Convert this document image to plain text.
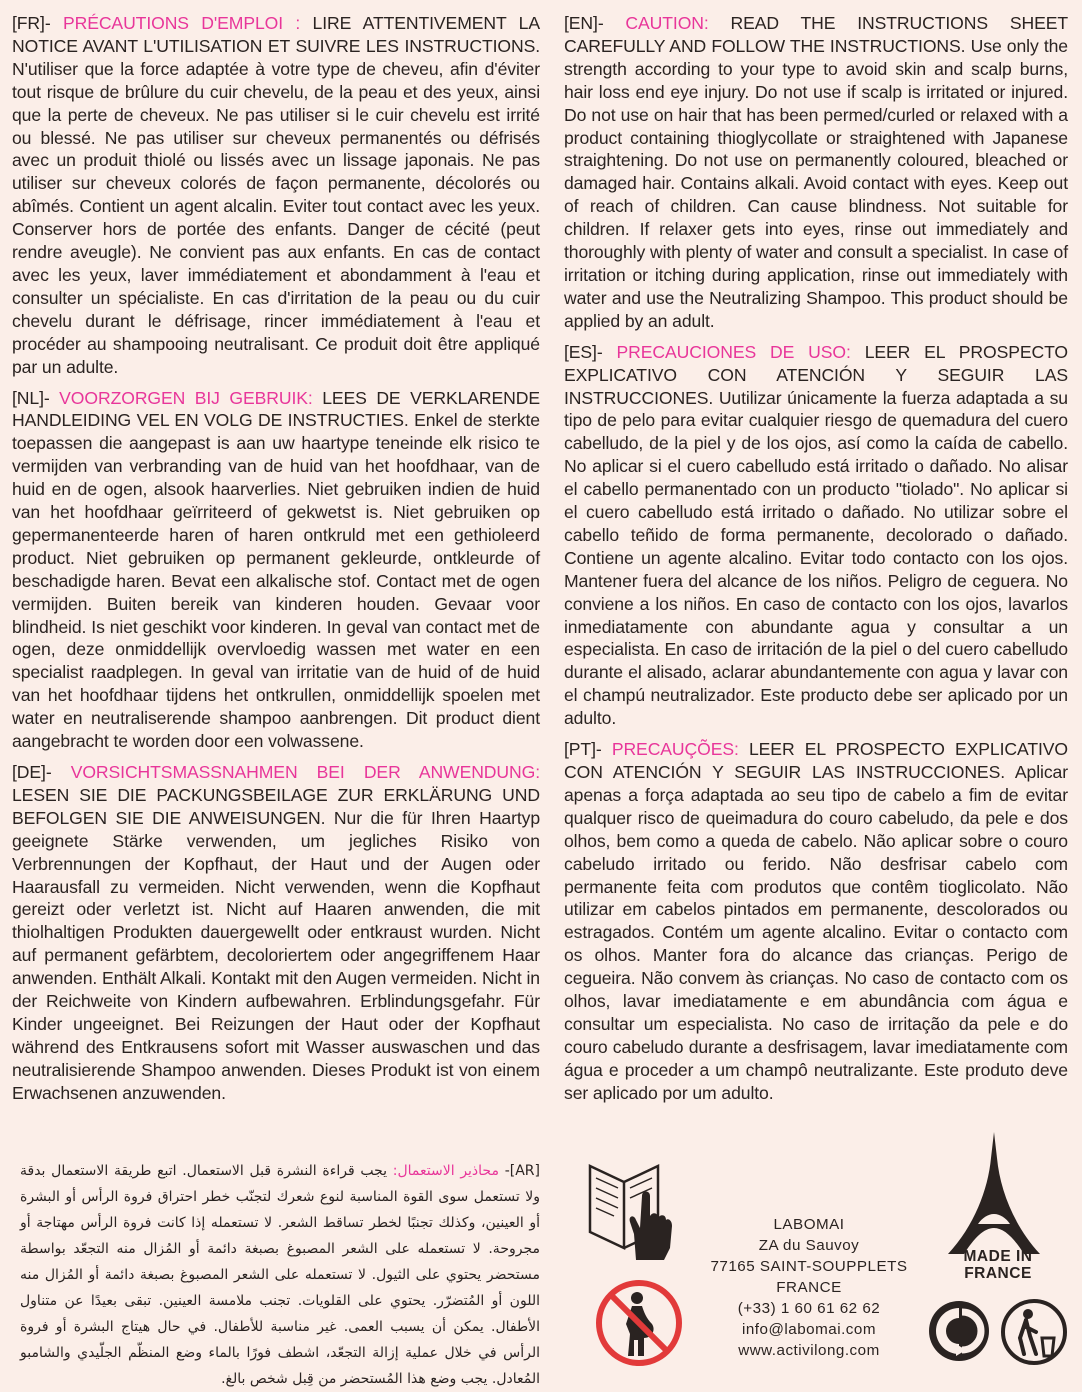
[FR]- PRÉCAUTIONS D'EMPLOI : LIRE ATTENTIVEMENT LA NOTICE AVANT L'UTILISATION ET SUIVRE LES INSTRUCTIONS. N'utiliser que la force adaptée à votre type de cheveu, afin d'éviter tout risque de brûlure du cuir chevelu, de la peau et des yeux, ainsi que la perte de cheveux. Ne pas utiliser si le cuir chevelu est irrité ou blessé. Ne pas utiliser sur cheveux permanentés ou défrisés avec un produit thiolé ou lissés avec un lissage japonais. Ne pas utiliser sur cheveux colorés de façon permanente, décolorés ou abîmés. Contient un agent alcalin. Eviter tout contact avec les yeux. Conserver hors de portée des enfants. Danger de cécité (peut rendre aveugle). Ne convient pas aux enfants. En cas de contact avec les yeux, laver immédiatement et abondamment à l'eau et consulter un spécialiste. En cas d'irritation de la peau ou du cuir chevelu durant le défrisage, rincer immédiatement à l'eau et procéder au shampooing neutralisant. Ce produit doit être appliqué par un adulte.

[NL]- VOORZORGEN BIJ GEBRUIK: LEES DE VERKLARENDE HANDLEIDING VEL EN VOLG DE INSTRUCTIES. Enkel de sterkte toepassen die aangepast is aan uw haartype teneinde elk risico te vermijden van verbranding van de huid van het hoofdhaar, van de huid en de ogen, alsook haarverlies. Niet gebruiken indien de huid van het hoofdhaar geïrriteerd of gekwetst is. Niet gebruiken op gepermanenteerde haren of haren ontkruld met een gethioleerd product. Niet gebruiken op permanent gekleurde, ontkleurde of beschadigde haren. Bevat een alkalische stof. Contact met de ogen vermijden. Buiten bereik van kinderen houden. Gevaar voor blindheid. Is niet geschikt voor kinderen. In geval van contact met de ogen, deze onmiddellijk overvloedig wassen met water en een specialist raadplegen. In geval van irritatie van de huid of de huid van het hoofdhaar tijdens het ontkrullen, onmiddellijk spoelen met water en neutraliserende shampoo aanbrengen. Dit product dient aangebracht te worden door een volwassene.

[DE]- VORSICHTSMASSNAHMEN BEI DER ANWENDUNG: LESEN SIE DIE PACKUNGSBEILAGE ZUR ERKLÄRUNG UND BEFOLGEN SIE DIE ANWEISUNGEN. Nur die für Ihren Haartyp geeignete Stärke verwenden, um jegliches Risiko von Verbrennungen der Kopfhaut, der Haut und der Augen oder Haarausfall zu vermeiden. Nicht verwenden, wenn die Kopfhaut gereizt oder verletzt ist. Nicht auf Haaren anwenden, die mit thiolhaltigen Produkten dauergewellt oder entkraust wurden. Nicht auf permanent gefärbtem, decoloriertem oder angegriffenem Haar anwenden. Enthält Alkali. Kontakt mit den Augen vermeiden. Nicht in der Reichweite von Kindern aufbewahren. Erblindungsgefahr. Für Kinder ungeeignet. Bei Reizungen der Haut oder der Kopfhaut während des Entkrausens sofort mit Wasser auswaschen und das neutralisierende Shampoo anwenden. Dieses Produkt ist von einem Erwachsenen anzuwenden.

[AR]- محاذير الاستعمال: يجب قراءة النشرة قبل الاستعمال. اتبع طريقة الاستعمال بدقة ولا تستعمل سوى القوة المناسبة لنوع شعرك لتجنّب خطر احتراق فروة الرأس أو البشرة أو العينين، وكذلك تجنبًا لخطر تساقط الشعر. لا تستعمله إذا كانت فروة الرأس مهتاجة أو مجروحة. لا تستعمله على الشعر المصبوغ بصبغة دائمة أو المُزال منه التجعّد بواسطة مستحضر يحتوي على الثيول. لا تستعمله على الشعر المصبوغ بصبغة دائمة أو المُزال منه اللون أو المُتضرّر. يحتوي على القلويات. تجنب ملامسة العينين. تبقى بعيدًا عن متناول الأطفال. يمكن أن يسبب العمى. غير مناسبة للأطفال. في حال هيتاج البشرة أو فروة الرأس في خلال عملية إزالة التجعّد، اشطف فورًا بالماء وضع المنظّم الجلّيدي والشامبو المُعادل. يجب وضع هذا المُستحضر من قِبل شخص بالغ.

[EN]- CAUTION: READ THE INSTRUCTIONS SHEET CAREFULLY AND FOLLOW THE INSTRUCTIONS. Use only the strength according to your type to avoid skin and scalp burns, hair loss end eye injury. Do not use if scalp is irritated or injured. Do not use on hair that has been permed/curled or relaxed with a product containing thioglycollate or straightened with Japanese straightening. Do not use on permanently coloured, bleached or damaged hair. Contains alkali. Avoid contact with eyes. Keep out of reach of children. Can cause blindness. Not suitable for children. If relaxer gets into eyes, rinse out immediately and thoroughly with plenty of water and consult a specialist. In case of irritation or itching during application, rinse out immediately with water and use the Neutralizing Shampoo. This product should be applied by an adult.

[ES]- PRECAUCIONES DE USO: LEER EL PROSPECTO EXPLICATIVO CON ATENCIÓN Y SEGUIR LAS INSTRUCCIONES. Uutilizar únicamente la fuerza adaptada a su tipo de pelo para evitar cualquier riesgo de quemadura del cuero cabelludo, de la piel y de los ojos, así como la caída de cabello. No aplicar si el cuero cabelludo está irritado o dañado. No alisar el cabello permanentado con un producto "tiolado". No aplicar si el cuero cabelludo está irritado o dañado. No utilizar sobre el cabello teñido de forma permanente, decolorado o dañado. Contiene un agente alcalino. Evitar todo contacto con los ojos. Mantener fuera del alcance de los niños. Peligro de ceguera. No conviene a los niños. En caso de contacto con los ojos, lavarlos inmediatamente con abundante agua y consultar a un especialista. En caso de irritación de la piel o del cuero cabelludo durante el alisado, aclarar abundantemente con agua y lavar con el champú neutralizador. Este producto debe ser aplicado por un adulto.

[PT]- PRECAUÇÕES: LEER EL PROSPECTO EXPLICATIVO CON ATENCIÓN Y SEGUIR LAS INSTRUCCIONES. Aplicar apenas a força adaptada ao seu tipo de cabelo a fim de evitar qualquer risco de queimadura do couro cabeludo, da pele e dos olhos, bem como a queda de cabelo. Não aplicar sobre o couro cabeludo irritado ou ferido. Não desfrisar cabelo com permanente feita com produtos que contêm tioglicolato. Não utilizar em cabelos pintados em permanente, descolorados ou estragados. Contém um agente alcalino. Evitar o contacto com os olhos. Manter fora do alcance das crianças. Perigo de cegueira. Não convem às crianças. No caso de contacto com os olhos, lavar imediatamente e em abundância com água e consultar um especialista. No caso de irritação da pele e do couro cabeludo durante a desfrisagem, lavar imediatamente com água e proceder a um champô neutralizante. Este produto deve ser aplicado por um adulto.

LABOMAI
ZA du Sauvoy
77165 SAINT-SOUPPLETS
FRANCE
(+33) 1 60 61 62 62
info@labomai.com
www.activilong.com
MADE IN
FRANCE
